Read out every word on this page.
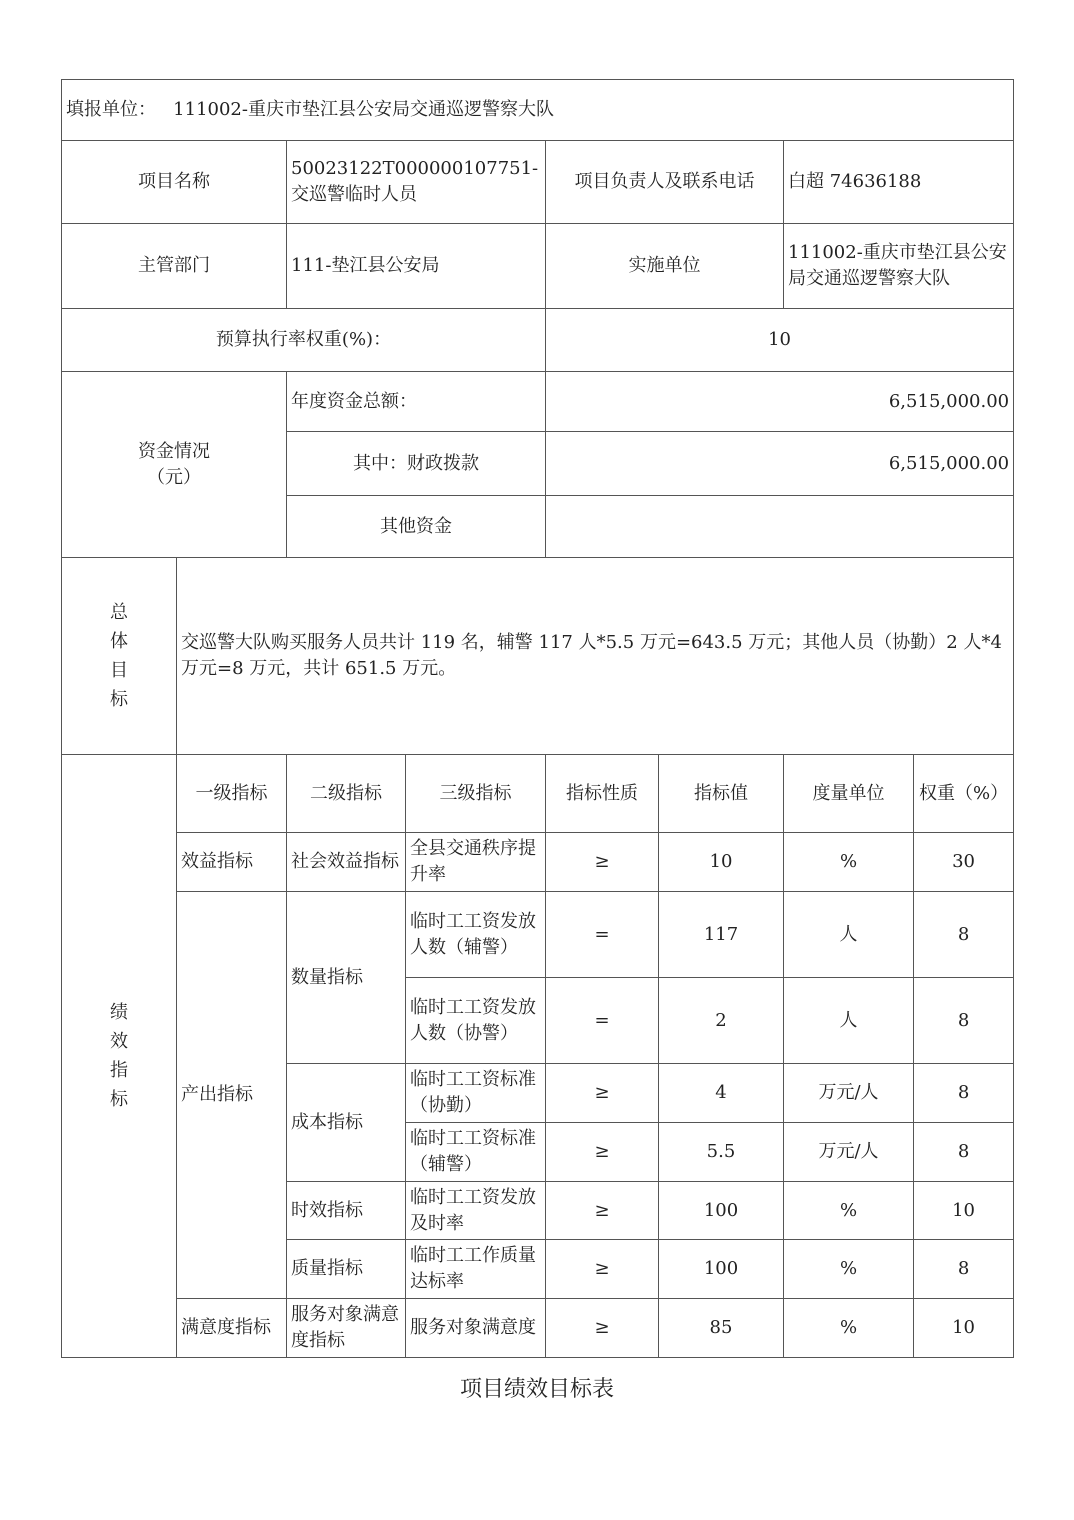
填报单位： 111002-重庆市垫江县公安局交通巡逻警察大队							
项目名称		50023122T000000107751-交巡警临时人员		项目负责人及联系电话		白超 74636188	
主管部门		111-垫江县公安局		实施单位		111002-重庆市垫江县公安局交通巡逻警察大队	
预算执行率权重(%)：				10			
资金情况
（元）		年度资金总额：		6,515,000.00			
		其中：财政拨款		6,515,000.00			
		其他资金					

总
体
目
标	交巡警大队购买服务人员共计 119 名，辅警 117 人*5.5 万元=643.5 万元；其他人员（协勤）2 人*4 万元=8 万元，共计 651.5 万元。						

绩
效
指
标	一级指标	二级指标	三级指标	指标性质	指标值	度量单位	权重（%）
	效益指标	社会效益指标	全县交通秩序提升率	≥	10	%	30
	产出指标	数量指标	临时工工资发放人数（辅警）	=	117	人	8
			临时工工资发放人数（协警）	=	2	人	8
		成本指标	临时工工资标准（协勤）	≥	4	万元/人	8
			临时工工资标准（辅警）	≥	5.5	万元/人	8
		时效指标	临时工工资发放及时率	≥	100	%	10
		质量指标	临时工工作质量达标率	≥	100	%	8
	满意度指标	服务对象满意度指标	服务对象满意度	≥	85	%	10
项目绩效目标表
